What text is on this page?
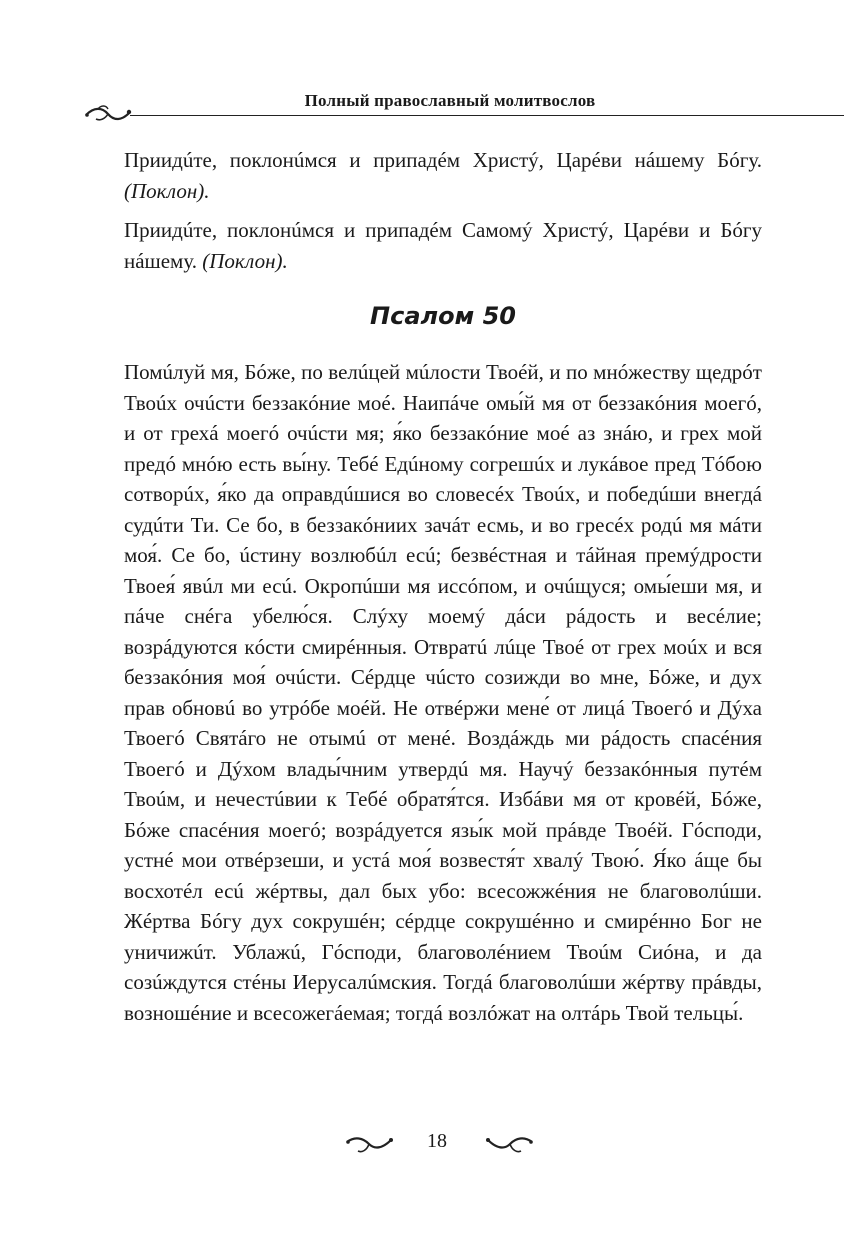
Полный православный молитвослов

Приидúте, поклонúмся и припадéм Христý, Царéви нáшему Бóгу. (Поклон).

Приидúте, поклонúмся и припадéм Самомý Христý, Царéви и Бóгу нáшему. (Поклон).

Псалом 50

Помúлуй мя, Бóже, по велúцей мúлости Твоéй, и по мнóжеству щедрóт Твоúх очúсти беззакóние моé. Наипáче омы́й мя от беззакóния моегó, и от грехá моегó очúсти мя; я́ко беззакóние моé аз знáю, и грех мой предó мнóю есть вы́ну. Тебé Едúному согрешúх и лукáвое пред Тóбою сотворúх, я́ко да оправдúшися во словесéх Твоúх, и победúши внегдá судúти Ти. Се бо, в беззакóниих зачáт есмь, и во гресéх родú мя мáти моя́. Се бо, úстину возлюбúл есú; безвéстная и тáйная премýдрости Твоея́ явúл ми есú. Окропúши мя иссóпом, и очúщуся; омы́еши мя, и пáче снéга убелю́ся. Слýху моемý дáси рáдость и весéлие; возрáдуются кóсти смирéнныя. Отвратú лúце Твоé от грех моúх и вся беззакóния моя́ очúсти. Сéрдце чúсто созижди во мне, Бóже, и дух прав обновú во утрóбе моéй. Не отвéржи мене́ от лицá Твоегó и Дýха Твоегó Святáго не отымú от менé. Воздáждь ми рáдость спасéния Твоегó и Дýхом влады́чним утвердú мя. Научý беззакóнныя путéм Твоúм, и нечестúвии к Тебé обратя́тся. Избáви мя от кровéй, Бóже, Бóже спасéния моегó; возрáдуется язы́к мой прáвде Твоéй. Гóсподи, устнé мои отвéрзеши, и устá моя́ возвестя́т хвалý Твою́. Я́ко áще бы восхотéл есú жéртвы, дал бых убо: всесожжéния не благоволúши. Жéртва Бóгу дух сокрушéн; сéрдце сокрушéнно и смирéнно Бог не уничижúт. Ублажú, Гóсподи, благоволéнием Твоúм Сиóна, и да созúждутся стéны Иерусалúмския. Тогдá благоволúши жéртву прáвды, возношéние и всесожегáемая; тогдá возлóжат на олтáрь Твой тельцы́.

18
